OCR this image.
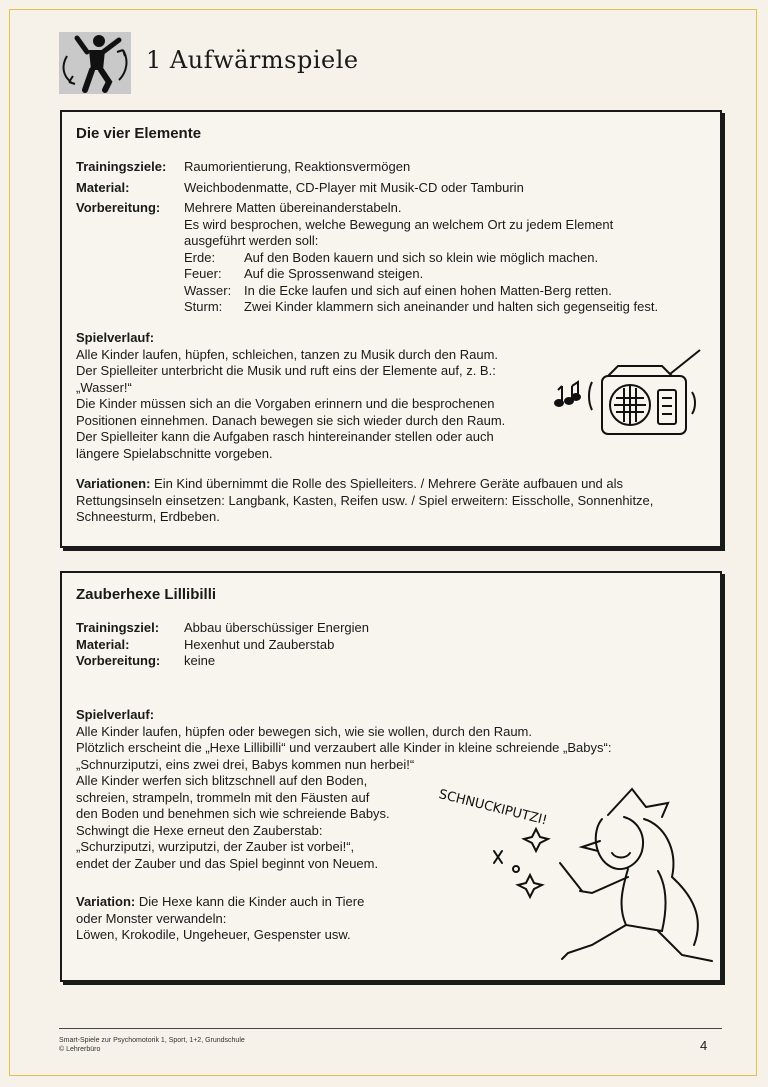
1 Aufwärmspiele
Die vier Elemente
Trainingsziele: Raumorientierung, Reaktionsvermögen
Material:	Weichbodenmatte, CD-Player mit Musik-CD oder Tamburin
Vorbereitung: Mehrere Matten übereinanderstabeln.
Es wird besprochen, welche Bewegung an welchem Ort zu jedem Element
ausgeführt werden soll:
Erde:	Auf den Boden kauern und sich so klein wie möglich machen.
Feuer:	Auf die Sprossenwand steigen.
Wasser: In die Ecke laufen und sich auf einen hohen Matten-Berg retten.
Sturm:	Zwei Kinder klammern sich aneinander und halten sich gegenseitig fest.
Spielverlauf:
Alle Kinder laufen, hüpfen, schleichen, tanzen zu Musik durch den Raum.
Der Spielleiter unterbricht die Musik und ruft eins der Elemente auf, z. B.:
„Wasser!“
Die Kinder müssen sich an die Vorgaben erinnern und die besprochenen
Positionen einnehmen. Danach bewegen sie sich wieder durch den Raum.
Der Spielleiter kann die Aufgaben rasch hintereinander stellen oder auch
längere Spielabschnitte vorgeben.
Variationen: Ein Kind übernimmt die Rolle des Spielleiters. / Mehrere Geräte aufbauen und als
Rettungsinseln einsetzen: Langbank, Kasten, Reifen usw. / Spiel erweitern: Eisscholle, Sonnenhitze,
Schneesturm, Erdbeben.
Zauberhexe Lillibilli
Trainingsziel: Abbau überschüssiger Energien
Material:	Hexenhut und Zauberstab
Vorbereitung: keine
Spielverlauf:
Alle Kinder laufen, hüpfen oder bewegen sich, wie sie wollen, durch den Raum.
Plötzlich erscheint die „Hexe Lillibilli“ und verzaubert alle Kinder in kleine schreiende „Babys“:
„Schnurziputzi, eins zwei drei, Babys kommen nun herbei!“
Alle Kinder werfen sich blitzschnell auf den Boden,
schreien, strampeln, trommeln mit den Fäusten auf
den Boden und benehmen sich wie schreiende Babys.
Schwingt die Hexe erneut den Zauberstab:
„Schurziputzi, wurziputzi, der Zauber ist vorbei!“,
endet der Zauber und das Spiel beginnt von Neuem.
Variation: Die Hexe kann die Kinder auch in Tiere
oder Monster verwandeln:
Löwen, Krokodile, Ungeheuer, Gespenster usw.
SCHNUCKIPUTZI!
Smart-Spiele zur Psychomotorik 1, Sport, 1+2, Grundschule
© Lehrerbüro	4
